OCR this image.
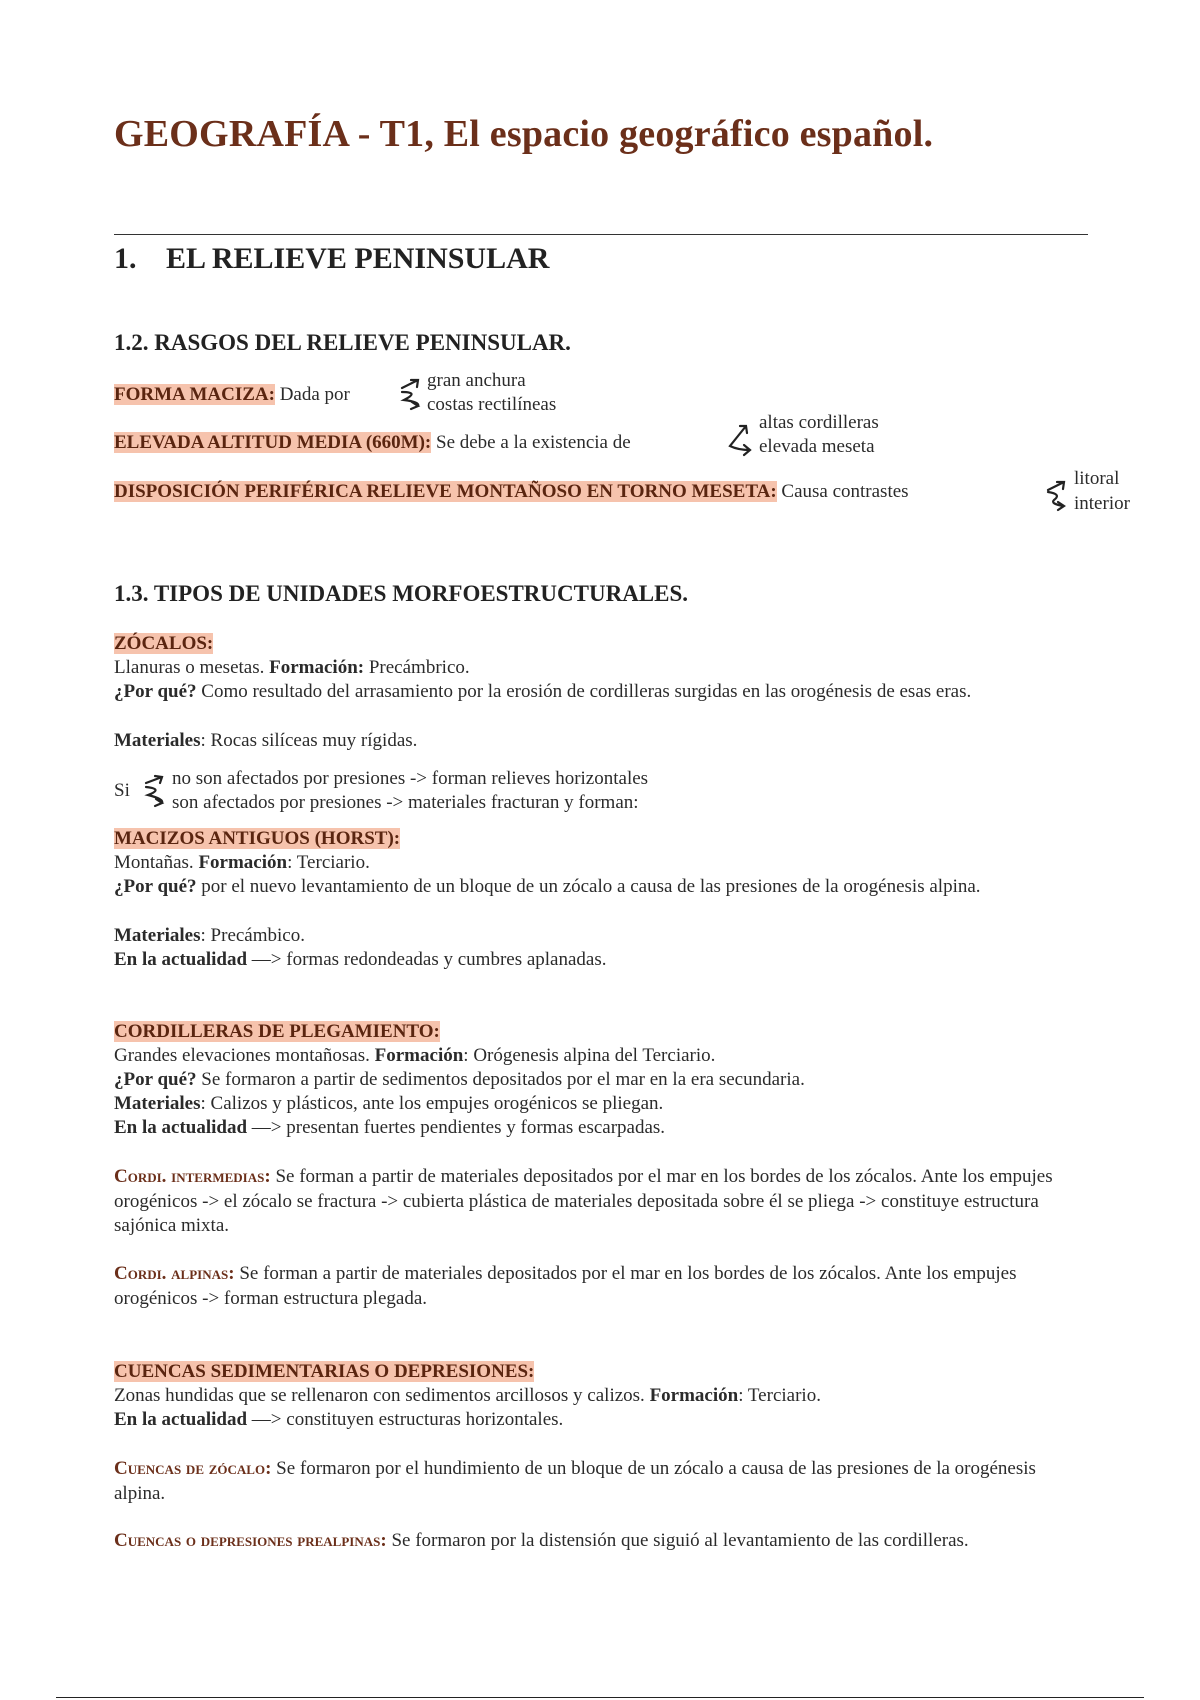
GEOGRAFÍA - T1, El espacio geográfico español.
1. EL RELIEVE PENINSULAR
1.2. RASGOS DEL RELIEVE PENINSULAR.
FORMA MACIZA: Dada por
gran anchura
costas rectilíneas
ELEVADA ALTITUD MEDIA (660M): Se debe a la existencia de
altas cordilleras
elevada meseta
DISPOSICIÓN PERIFÉRICA RELIEVE MONTAÑOSO EN TORNO MESETA: Causa contrastes
litoral
interior
1.3. TIPOS DE UNIDADES MORFOESTRUCTURALES.
ZÓCALOS:
Llanuras o mesetas. Formación: Precámbrico.

¿Por qué? Como resultado del arrasamiento por la erosión de cordilleras surgidas en las orogénesis de esas eras.

Materiales: Rocas silíceas muy rígidas.
Si
no son afectados por presiones -> forman relieves horizontales
son afectados por presiones -> materiales fracturan y forman:
MACIZOS ANTIGUOS (HORST):
Montañas. Formación: Terciario.

¿Por qué? por el nuevo levantamiento de un bloque de un zócalo a causa de las presiones de la orogénesis alpina.

Materiales: Precámbico.
En la actualidad —> formas redondeadas y cumbres aplanadas.
CORDILLERAS DE PLEGAMIENTO:
Grandes elevaciones montañosas. Formación: Orógenesis alpina del Terciario.
¿Por qué? Se formaron a partir de sedimentos depositados por el mar en la era secundaria.
Materiales: Calizos y plásticos, ante los empujes orogénicos se pliegan.
En la actualidad —> presentan fuertes pendientes y formas escarpadas.

Cordi. intermedias: Se forman a partir de materiales depositados por el mar en los bordes de los zócalos. Ante los empujes orogénicos -> el zócalo se fractura -> cubierta plástica de materiales depositada sobre él se pliega -> constituye estructura sajónica mixta.

Cordi. alpinas: Se forman a partir de materiales depositados por el mar en los bordes de los zócalos. Ante los empujes orogénicos -> forman estructura plegada.

CUENCAS SEDIMENTARIAS O DEPRESIONES:
Zonas hundidas que se rellenaron con sedimentos arcillosos y calizos. Formación: Terciario.
En la actualidad —> constituyen estructuras horizontales.

Cuencas de zócalo: Se formaron por el hundimiento de un bloque de un zócalo a causa de las presiones de la orogénesis alpina.

Cuencas o depresiones prealpinas: Se formaron por la distensión que siguió al levantamiento de las cordilleras.
